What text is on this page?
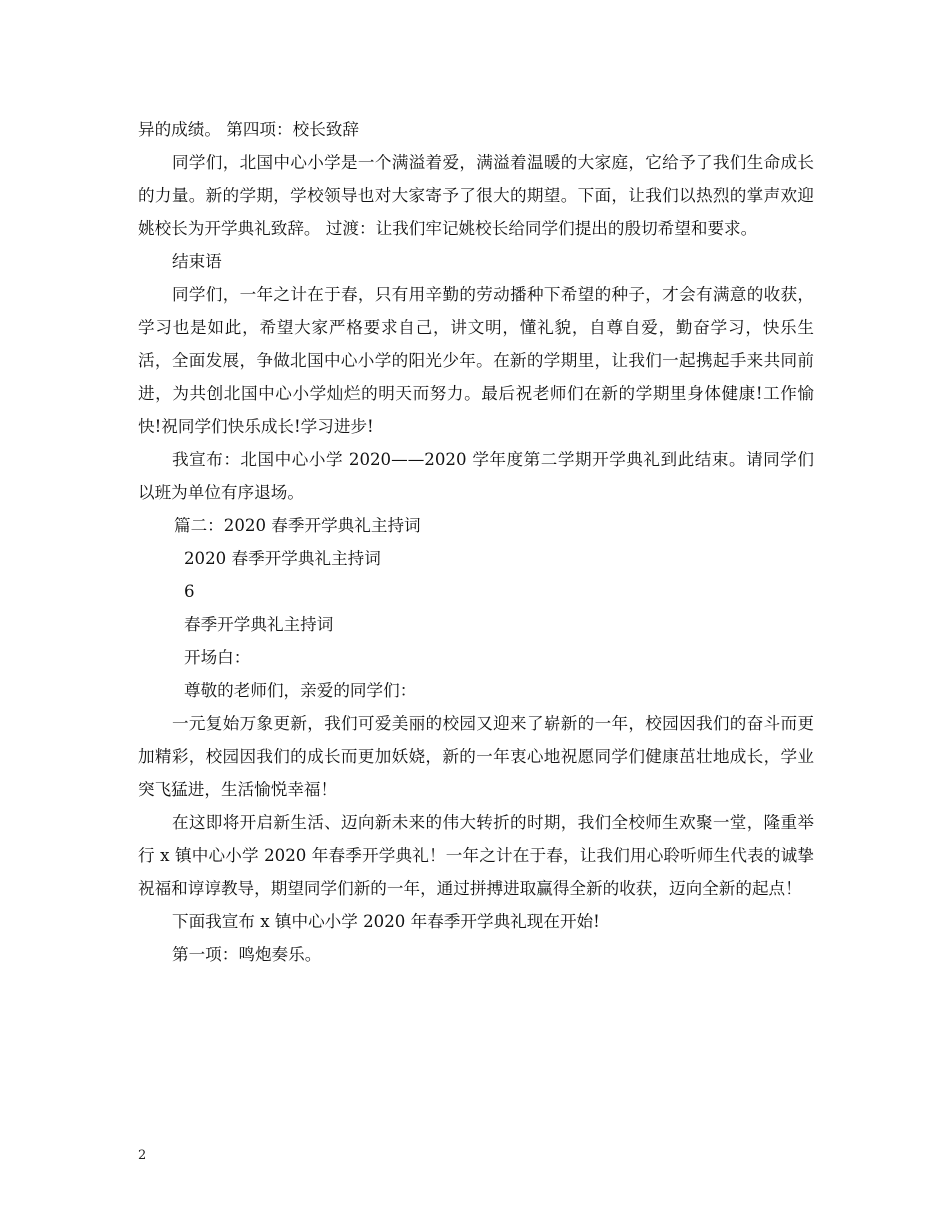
异的成绩。 第四项：校长致辞

同学们，北国中心小学是一个满溢着爱，满溢着温暖的大家庭，它给予了我们生命成长的力量。新的学期，学校领导也对大家寄予了很大的期望。下面，让我们以热烈的掌声欢迎姚校长为开学典礼致辞。 过渡：让我们牢记姚校长给同学们提出的殷切希望和要求。

结束语

同学们，一年之计在于春，只有用辛勤的劳动播种下希望的种子，才会有满意的收获，学习也是如此，希望大家严格要求自己，讲文明，懂礼貌，自尊自爱，勤奋学习，快乐生活，全面发展，争做北国中心小学的阳光少年。在新的学期里，让我们一起携起手来共同前进，为共创北国中心小学灿烂的明天而努力。最后祝老师们在新的学期里身体健康!工作愉快!祝同学们快乐成长!学习进步!

我宣布：北国中心小学 2020——2020 学年度第二学期开学典礼到此结束。请同学们以班为单位有序退场。

篇二：2020 春季开学典礼主持词

2020 春季开学典礼主持词

6

春季开学典礼主持词

开场白：

尊敬的老师们，亲爱的同学们：

一元复始万象更新，我们可爱美丽的校园又迎来了崭新的一年，校园因我们的奋斗而更加精彩，校园因我们的成长而更加妖娆，新的一年衷心地祝愿同学们健康茁壮地成长，学业突飞猛进，生活愉悦幸福！

在这即将开启新生活、迈向新未来的伟大转折的时期，我们全校师生欢聚一堂，隆重举行 x 镇中心小学 2020 年春季开学典礼！一年之计在于春，让我们用心聆听师生代表的诚挚祝福和谆谆教导，期望同学们新的一年，通过拼搏进取赢得全新的收获，迈向全新的起点！

下面我宣布 x 镇中心小学 2020 年春季开学典礼现在开始!

第一项：鸣炮奏乐。

2
